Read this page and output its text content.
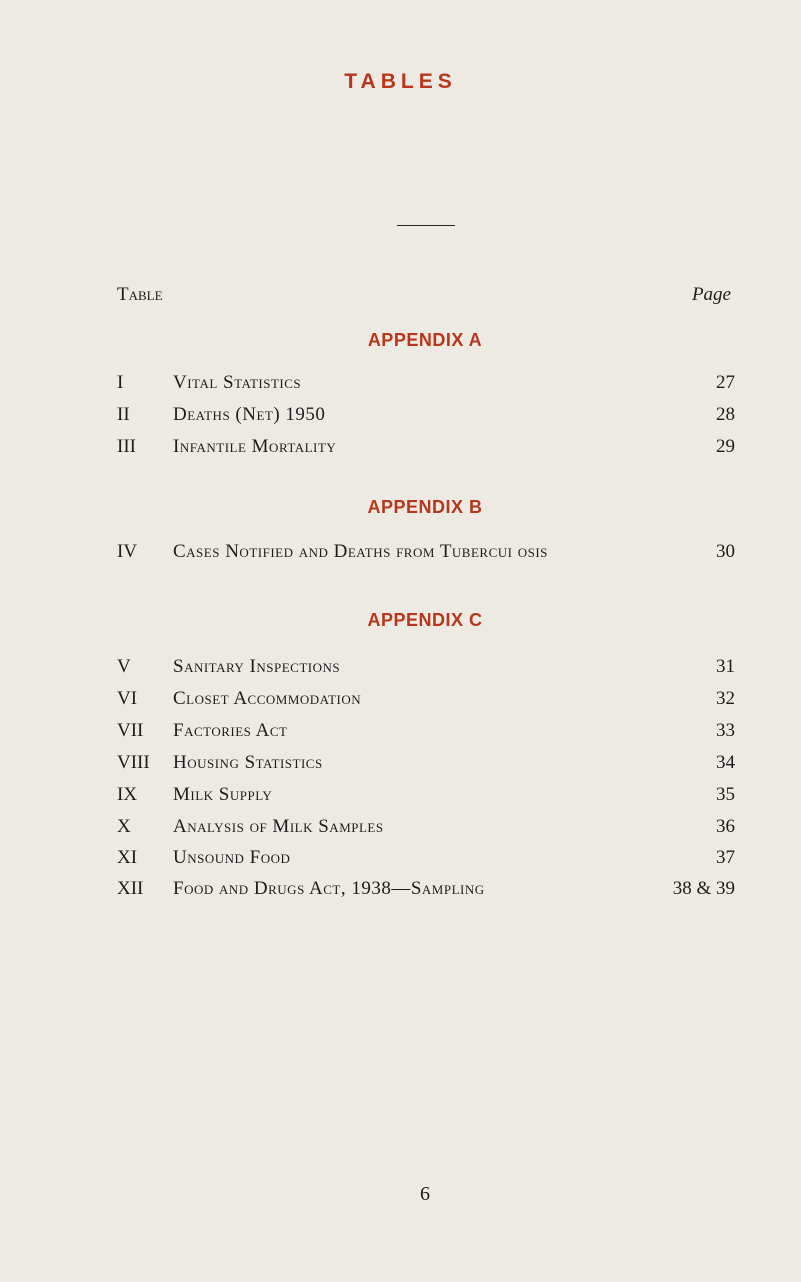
TABLES
Table	Page
APPENDIX A
I	Vital Statistics	27
II Deaths (Net) 1950	28
III Infantile Mortality	29
APPENDIX B
IV Cases Notified and Deaths from Tubercui osis	30
APPENDIX C
V Sanitary Inspections	31
VI Closet Accommodation	32
VII Factories Act	33
VIII Housing Statistics	34
IX Milk Supply	35
X Analysis of Milk Samples	36
XI Unsound Food	37
XII Food and Drugs Act, 1938—Sampling	38 & 39
6
